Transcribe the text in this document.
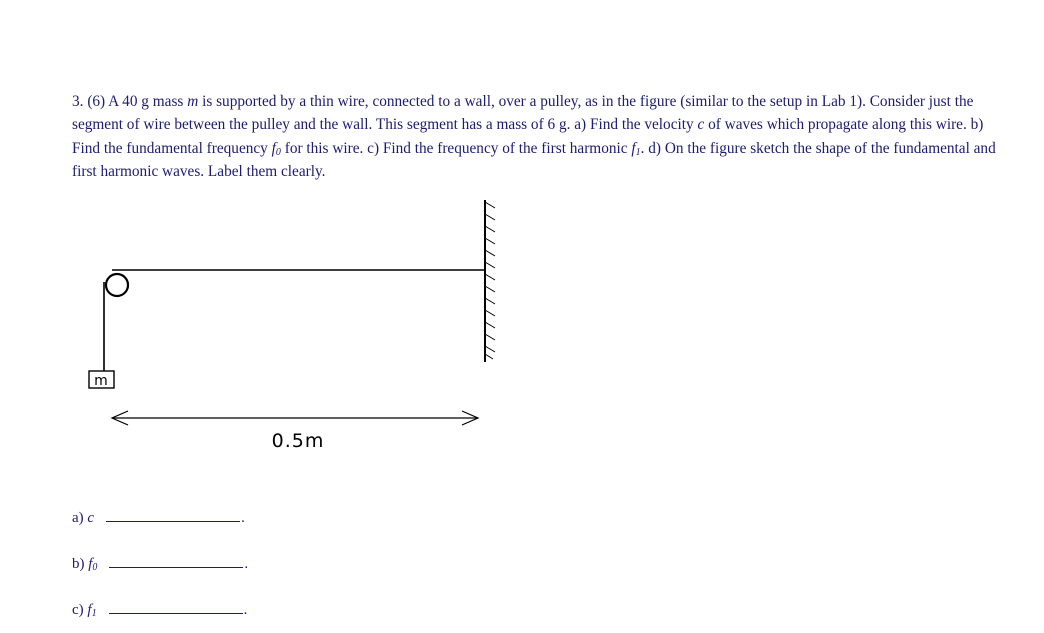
3. (6) A 40 g mass m is supported by a thin wire, connected to a wall, over a pulley, as in the figure (similar to the setup in Lab 1). Consider just the segment of wire between the pulley and the wall. This segment has a mass of 6 g. a) Find the velocity c of waves which propagate along this wire. b) Find the fundamental frequency $f_0$ for this wire. c) Find the frequency of the first harmonic $f_1$. d) On the figure sketch the shape of the fundamental and first harmonic waves. Label them clearly.
m
0.5m
a)
c	.
b)
$f_0$	.
c)
$f_1$	.
